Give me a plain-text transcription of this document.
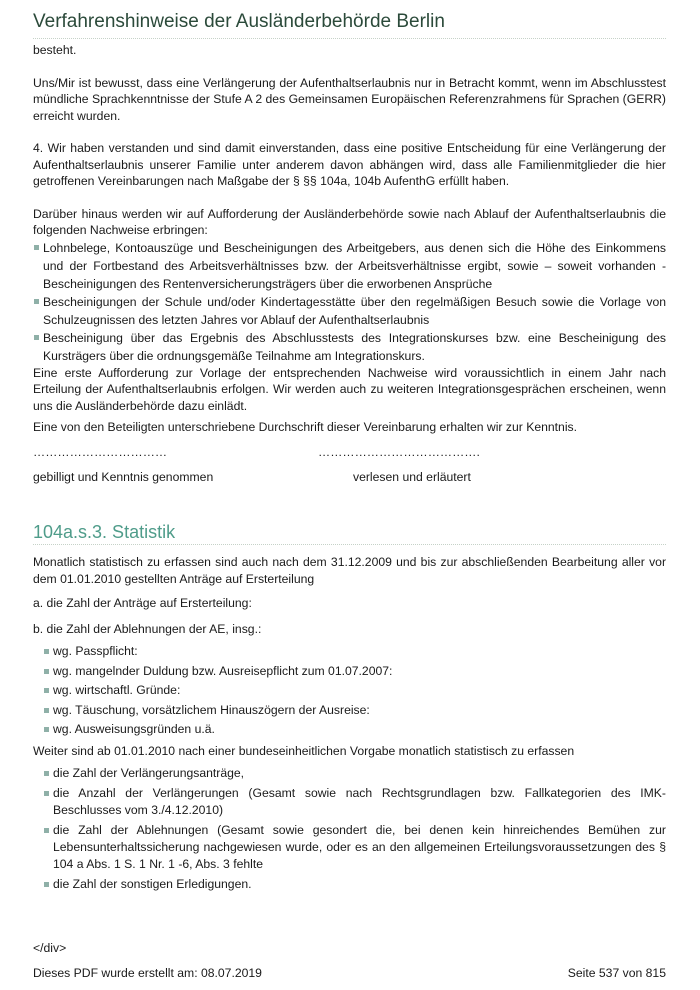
Verfahrenshinweise der Ausländerbehörde Berlin

besteht.

Uns/Mir ist bewusst, dass eine Verlängerung der Aufenthaltserlaubnis nur in Betracht kommt, wenn im Abschlusstest mündliche Sprachkenntnisse der Stufe A 2 des Gemeinsamen Europäischen Referenzrahmens für Sprachen (GERR) erreicht wurden.

4. Wir haben verstanden und sind damit einverstanden, dass eine positive Entscheidung für eine Verlängerung der Aufenthaltserlaubnis unserer Familie unter anderem davon abhängen wird, dass alle Familienmitglieder die hier getroffenen Vereinbarungen nach Maßgabe der § §§ 104a, 104b AufenthG erfüllt haben.

Darüber hinaus werden wir auf Aufforderung der Ausländerbehörde sowie nach Ablauf der Aufenthaltserlaubnis die folgenden Nachweise erbringen:

Lohnbelege, Kontoauszüge und Bescheinigungen des Arbeitgebers, aus denen sich die Höhe des Einkommens und der Fortbestand des Arbeitsverhältnisses bzw. der Arbeitsverhältnisse ergibt, sowie – soweit vorhanden - Bescheinigungen des Rentenversicherungsträgers über die erworbenen Ansprüche
Bescheinigungen der Schule und/oder Kindertagesstätte über den regelmäßigen Besuch sowie die Vorlage von Schulzeugnissen des letzten Jahres vor Ablauf der Aufenthaltserlaubnis
Bescheinigung über das Ergebnis des Abschlusstests des Integrationskurses bzw. eine Bescheinigung des Kursträgers über die ordnungsgemäße Teilnahme am Integrationskurs.

Eine erste Aufforderung zur Vorlage der entsprechenden Nachweise wird voraussichtlich in einem Jahr nach Erteilung der Aufenthaltserlaubnis erfolgen. Wir werden auch zu weiteren Integrationsgesprächen erscheinen, wenn uns die Ausländerbehörde dazu einlädt.

Eine von den Beteiligten unterschriebene Durchschrift dieser Vereinbarung erhalten wir zur Kenntnis.

……………………………	………………………………….
gebilligt und Kenntnis genommen	verlesen und erläutert
104a.s.3. Statistik

Monatlich statistisch zu erfassen sind auch nach dem 31.12.2009 und bis zur abschließenden Bearbeitung aller vor dem 01.01.2010 gestellten Anträge auf Ersterteilung

a. die Zahl der Anträge auf Ersterteilung:

b. die Zahl der Ablehnungen der AE, insg.:

wg. Passpflicht:
wg. mangelnder Duldung bzw. Ausreisepflicht zum 01.07.2007:
wg. wirtschaftl. Gründe:
wg. Täuschung, vorsätzlichem Hinauszögern der Ausreise:
wg. Ausweisungsgründen u.ä.

Weiter sind ab 01.01.2010 nach einer bundeseinheitlichen Vorgabe monatlich statistisch zu erfassen

die Zahl der Verlängerungsanträge,
die Anzahl der Verlängerungen (Gesamt sowie nach Rechtsgrundlagen bzw. Fallkategorien des IMK- Beschlusses vom 3./4.12.2010)
die Zahl der Ablehnungen (Gesamt sowie gesondert die, bei denen kein hinreichendes Bemühen zur Lebensunterhaltssicherung nachgewiesen wurde, oder es an den allgemeinen Erteilungsvoraussetzungen des § 104 a Abs. 1 S. 1 Nr. 1 -6, Abs. 3 fehlte
die Zahl der sonstigen Erledigungen.

</div>

Dieses PDF wurde erstellt am: 08.07.2019	Seite 537 von 815
